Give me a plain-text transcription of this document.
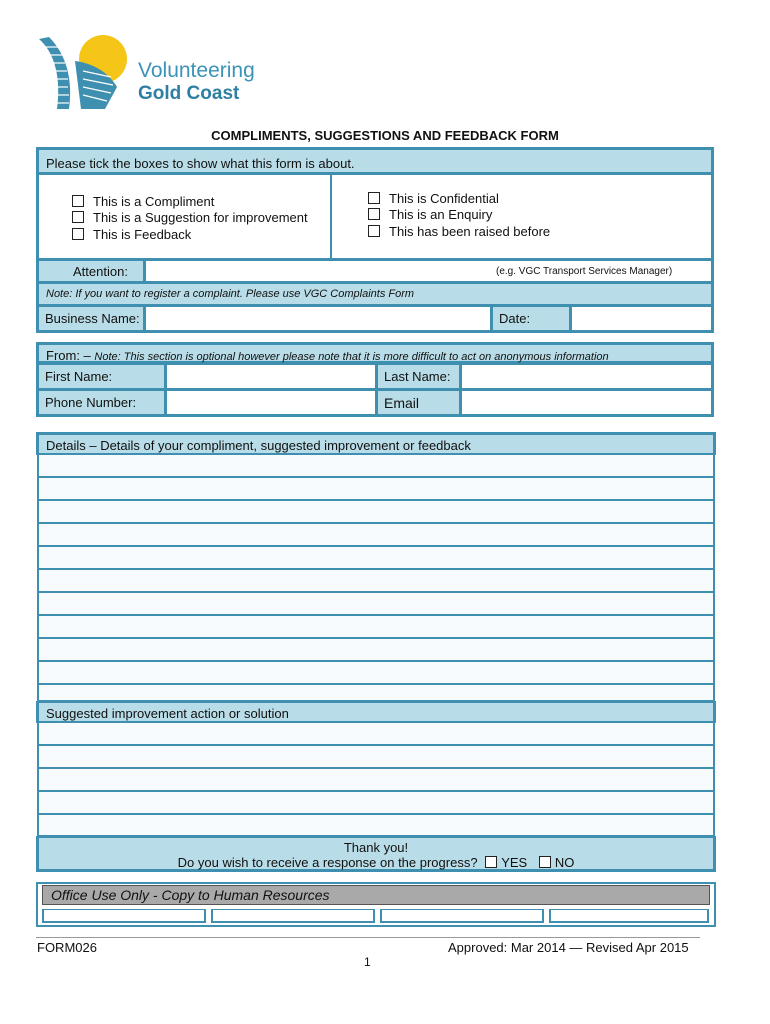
Volunteering
Gold Coast
COMPLIMENTS, SUGGESTIONS AND FEEDBACK FORM
Please tick the boxes to show what this form is about.
This is a Compliment
This is a Suggestion for improvement
This is Feedback
This is Confidential
This is an Enquiry
This has been raised before
Attention:	(e.g. VGC Transport Services Manager)
Note: If you want to register a complaint. Please use VGC Complaints Form
Business Name:	Date:
From: – Note: This section is optional however please note that it is more difficult to act on anonymous information
First Name:	Last Name:
Phone Number:	Email
Details – Details of your compliment, suggested improvement or feedback
Suggested improvement action or solution
Thank you!
Do you wish to receive a response on the progress? YES NO
Office Use Only - Copy to Human Resources
FORM026	Approved: Mar 2014 — Revised Apr 2015
1
